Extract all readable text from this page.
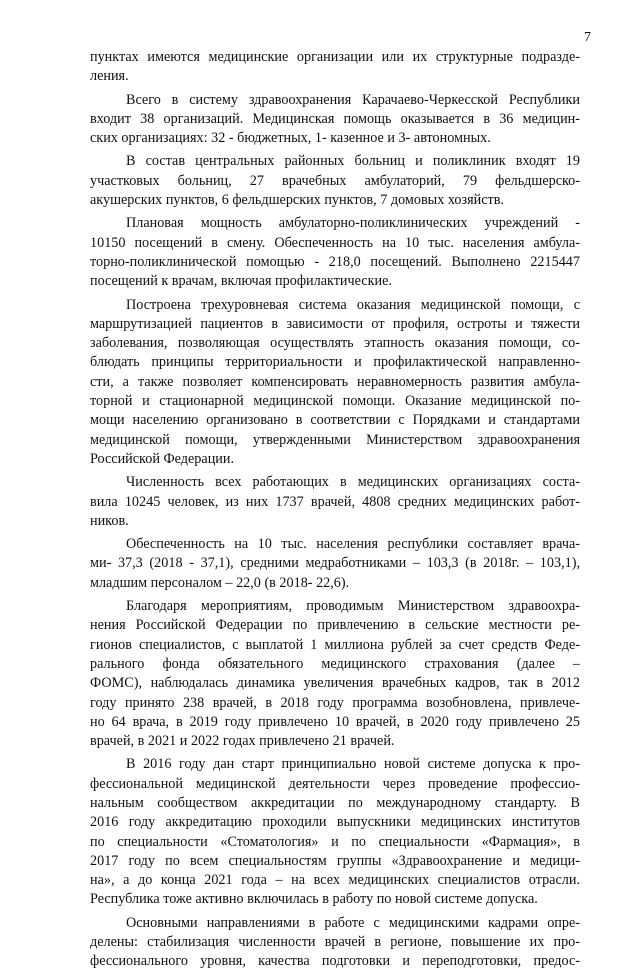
7

пунктах имеются медицинские организации или их структурные подразде-
ления.

Всего в систему здравоохранения Карачаево-Черкесской Республики
входит 38 организаций. Медицинская помощь оказывается в 36 медицин-
ских организациях: 32 - бюджетных, 1- казенное и 3- автономных.

В состав центральных районных больниц и поликлиник входят 19
участковых больниц, 27 врачебных амбулаторий, 79 фельдшерско-
акушерских пунктов, 6 фельдшерских пунктов, 7 домовых хозяйств.

Плановая мощность амбулаторно-поликлинических учреждений -
10150 посещений в смену. Обеспеченность на 10 тыс. населения амбула-
торно-поликлинической помощью - 218,0 посещений. Выполнено 2215447
посещений к врачам, включая профилактические.

Построена трехуровневая система оказания медицинской помощи, с
маршрутизацией пациентов в зависимости от профиля, остроты и тяжести
заболевания, позволяющая осуществлять этапность оказания помощи, со-
блюдать принципы территориальности и профилактической направленно-
сти, а также позволяет компенсировать неравномерность развития амбула-
торной и стационарной медицинской помощи. Оказание медицинской по-
мощи населению организовано в соответствии с Порядками и стандартами
медицинской помощи, утвержденными Министерством здравоохранения
Российской Федерации.

Численность всех работающих в медицинских организациях соста-
вила 10245 человек, из них 1737 врачей, 4808 средних медицинских работ-
ников.

Обеспеченность на 10 тыс. населения республики составляет врача-
ми- 37,3 (2018 - 37,1), средними медработниками – 103,3 (в 2018г. – 103,1),
младшим персоналом – 22,0 (в 2018- 22,6).

Благодаря мероприятиям, проводимым Министерством здравоохра-
нения Российской Федерации по привлечению в сельские местности ре-
гионов специалистов, с выплатой 1 миллиона рублей за счет средств Феде-
рального фонда обязательного медицинского страхования (далее –
ФОМС), наблюдалась динамика увеличения врачебных кадров, так в 2012
году принято 238 врачей, в 2018 году программа возобновлена, привлече-
но 64 врача, в 2019 году привлечено 10 врачей, в 2020 году привлечено 25
врачей, в 2021 и 2022 годах привлечено 21 врачей.

В 2016 году дан старт принципиально новой системе допуска к про-
фессиональной медицинской деятельности через проведение профессио-
нальным сообществом аккредитации по международному стандарту. В
2016 году аккредитацию проходили выпускники медицинских институтов
по специальности «Стоматология» и по специальности «Фармация», в
2017 году по всем специальностям группы «Здравоохранение и медици-
на», а до конца 2021 года – на всех медицинских специалистов отрасли.
Республика тоже активно включилась в работу по новой системе допуска.

Основными направлениями в работе с медицинскими кадрами опре-
делены: стабилизация численности врачей в регионе, повышение их про-
фессионального уровня, качества подготовки и переподготовки, предос-
